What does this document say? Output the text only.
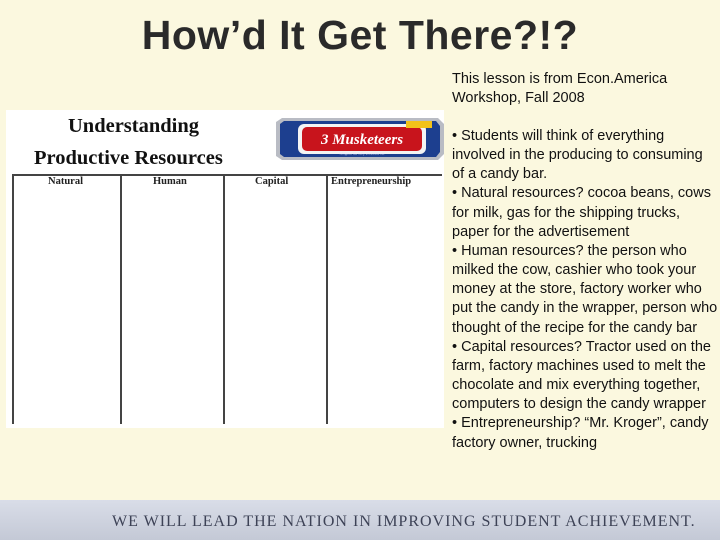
How’d It Get There?!?
This lesson is from Econ.America Workshop, Fall 2008
Understanding
Productive Resources
3 Musketeers
Whipped fat, fluffy chocolate bar
Natural	Human	Capital	Entrepreneurship

• Students will think of everything involved in the producing to consuming of a candy bar.

• Natural resources? cocoa beans, cows for milk, gas for the shipping trucks, paper for the advertisement

• Human resources? the person who milked the cow, cashier who took your money at the store, factory worker who put the candy in the wrapper, person who thought of the recipe for the candy bar

• Capital resources? Tractor used on the farm, factory machines used to melt the chocolate and mix everything together, computers to design the candy wrapper

• Entrepreneurship? “Mr. Kroger”, candy factory owner, trucking

WE WILL LEAD THE NATION IN IMPROVING STUDENT ACHIEVEMENT.
